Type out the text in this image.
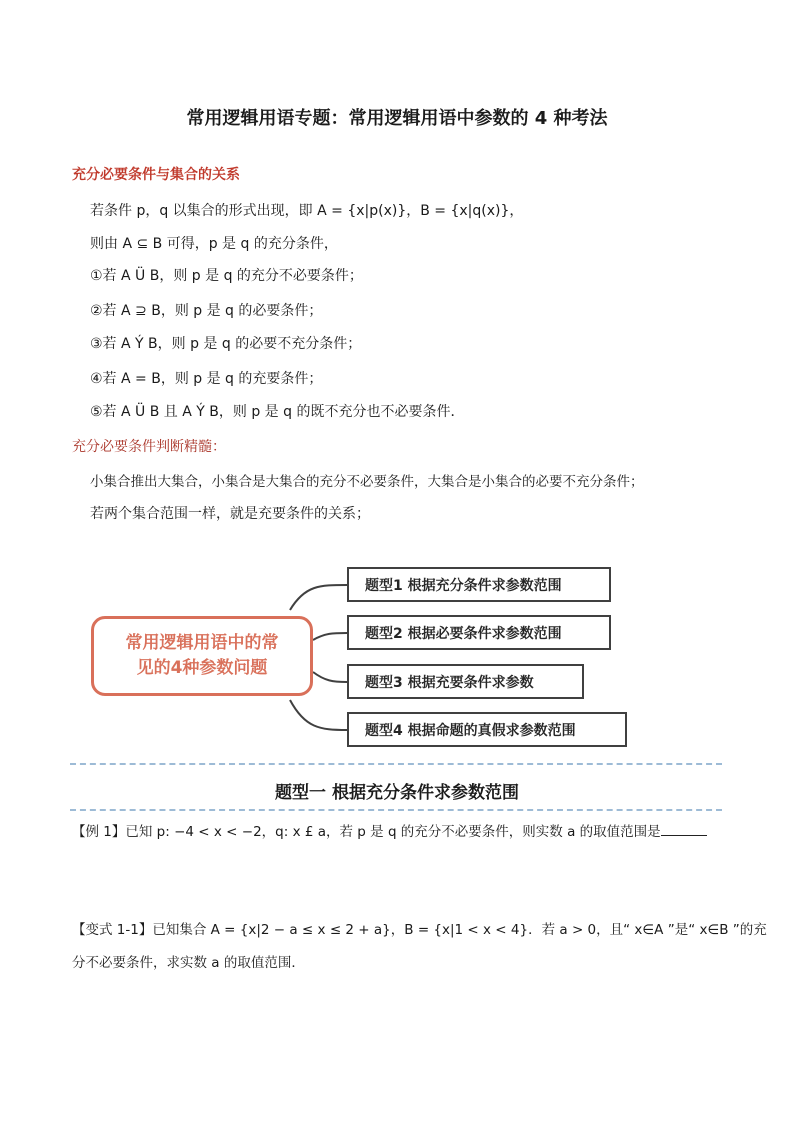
常用逻辑用语专题：常用逻辑用语中参数的 4 种考法
充分必要条件与集合的关系
若条件 p，q 以集合的形式出现，即 A = {x|p(x)}，B = {x|q(x)}，
则由 A ⊆ B 可得，p 是 q 的充分条件，
①若 A Ü B，则 p 是 q 的充分不必要条件；
②若 A ⊇ B，则 p 是 q 的必要条件；
③若 A Ý B，则 p 是 q 的必要不充分条件；
④若 A = B，则 p 是 q 的充要条件；
⑤若 A Ü B 且 A Ý B，则 p 是 q 的既不充分也不必要条件．
充分必要条件判断精髓：
小集合推出大集合，小集合是大集合的充分不必要条件，大集合是小集合的必要不充分条件；
若两个集合范围一样，就是充要条件的关系；
常用逻辑用语中的常
见的4种参数问题
题型1 根据充分条件求参数范围
题型2 根据必要条件求参数范围
题型3 根据充要条件求参数
题型4 根据命题的真假求参数范围
题型一 根据充分条件求参数范围
【例 1】已知 p: −4 < x < −2，q: x £ a，若 p 是 q 的充分不必要条件，则实数 a 的取值范围是
【变式 1-1】已知集合 A = {x|2 − a ≤ x ≤ 2 + a}，B = {x|1 < x < 4}．若 a > 0，且“ x∈A ”是“ x∈B ”的充
分不必要条件，求实数 a 的取值范围．
